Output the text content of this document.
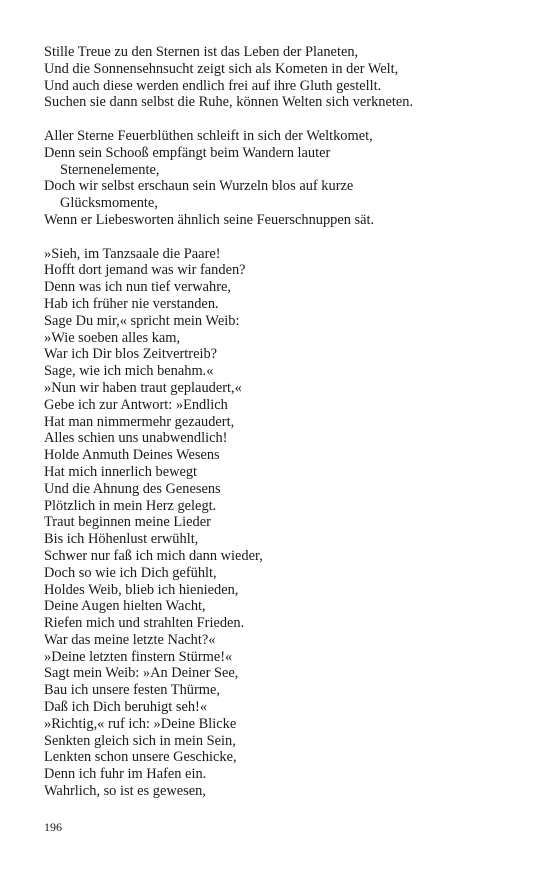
Stille Treue zu den Sternen ist das Leben der Planeten,
Und die Sonnensehnsucht zeigt sich als Kometen in der Welt,
Und auch diese werden endlich frei auf ihre Gluth gestellt.
Suchen sie dann selbst die Ruhe, können Welten sich verkneten.
Aller Sterne Feuerblüthen schleift in sich der Weltkomet,
Denn sein Schooß empfängt beim Wandern lauter
Sternenelemente,
Doch wir selbst erschaun sein Wurzeln blos auf kurze
Glücksmomente,
Wenn er Liebesworten ähnlich seine Feuerschnuppen sät.
»Sieh, im Tanzsaale die Paare!
Hofft dort jemand was wir fanden?
Denn was ich nun tief verwahre,
Hab ich früher nie verstanden.
Sage Du mir,« spricht mein Weib:
»Wie soeben alles kam,
War ich Dir blos Zeitvertreib?
Sage, wie ich mich benahm.«
»Nun wir haben traut geplaudert,«
Gebe ich zur Antwort: »Endlich
Hat man nimmermehr gezaudert,
Alles schien uns unabwendlich!
Holde Anmuth Deines Wesens
Hat mich innerlich bewegt
Und die Ahnung des Genesens
Plötzlich in mein Herz gelegt.
Traut beginnen meine Lieder
Bis ich Höhenlust erwühlt,
Schwer nur faß ich mich dann wieder,
Doch so wie ich Dich gefühlt,
Holdes Weib, blieb ich hienieden,
Deine Augen hielten Wacht,
Riefen mich und strahlten Frieden.
War das meine letzte Nacht?«
»Deine letzten finstern Stürme!«
Sagt mein Weib: »An Deiner See,
Bau ich unsere festen Thürme,
Daß ich Dich beruhigt seh!«
»Richtig,« ruf ich: »Deine Blicke
Senkten gleich sich in mein Sein,
Lenkten schon unsere Geschicke,
Denn ich fuhr im Hafen ein.
Wahrlich, so ist es gewesen,
196
